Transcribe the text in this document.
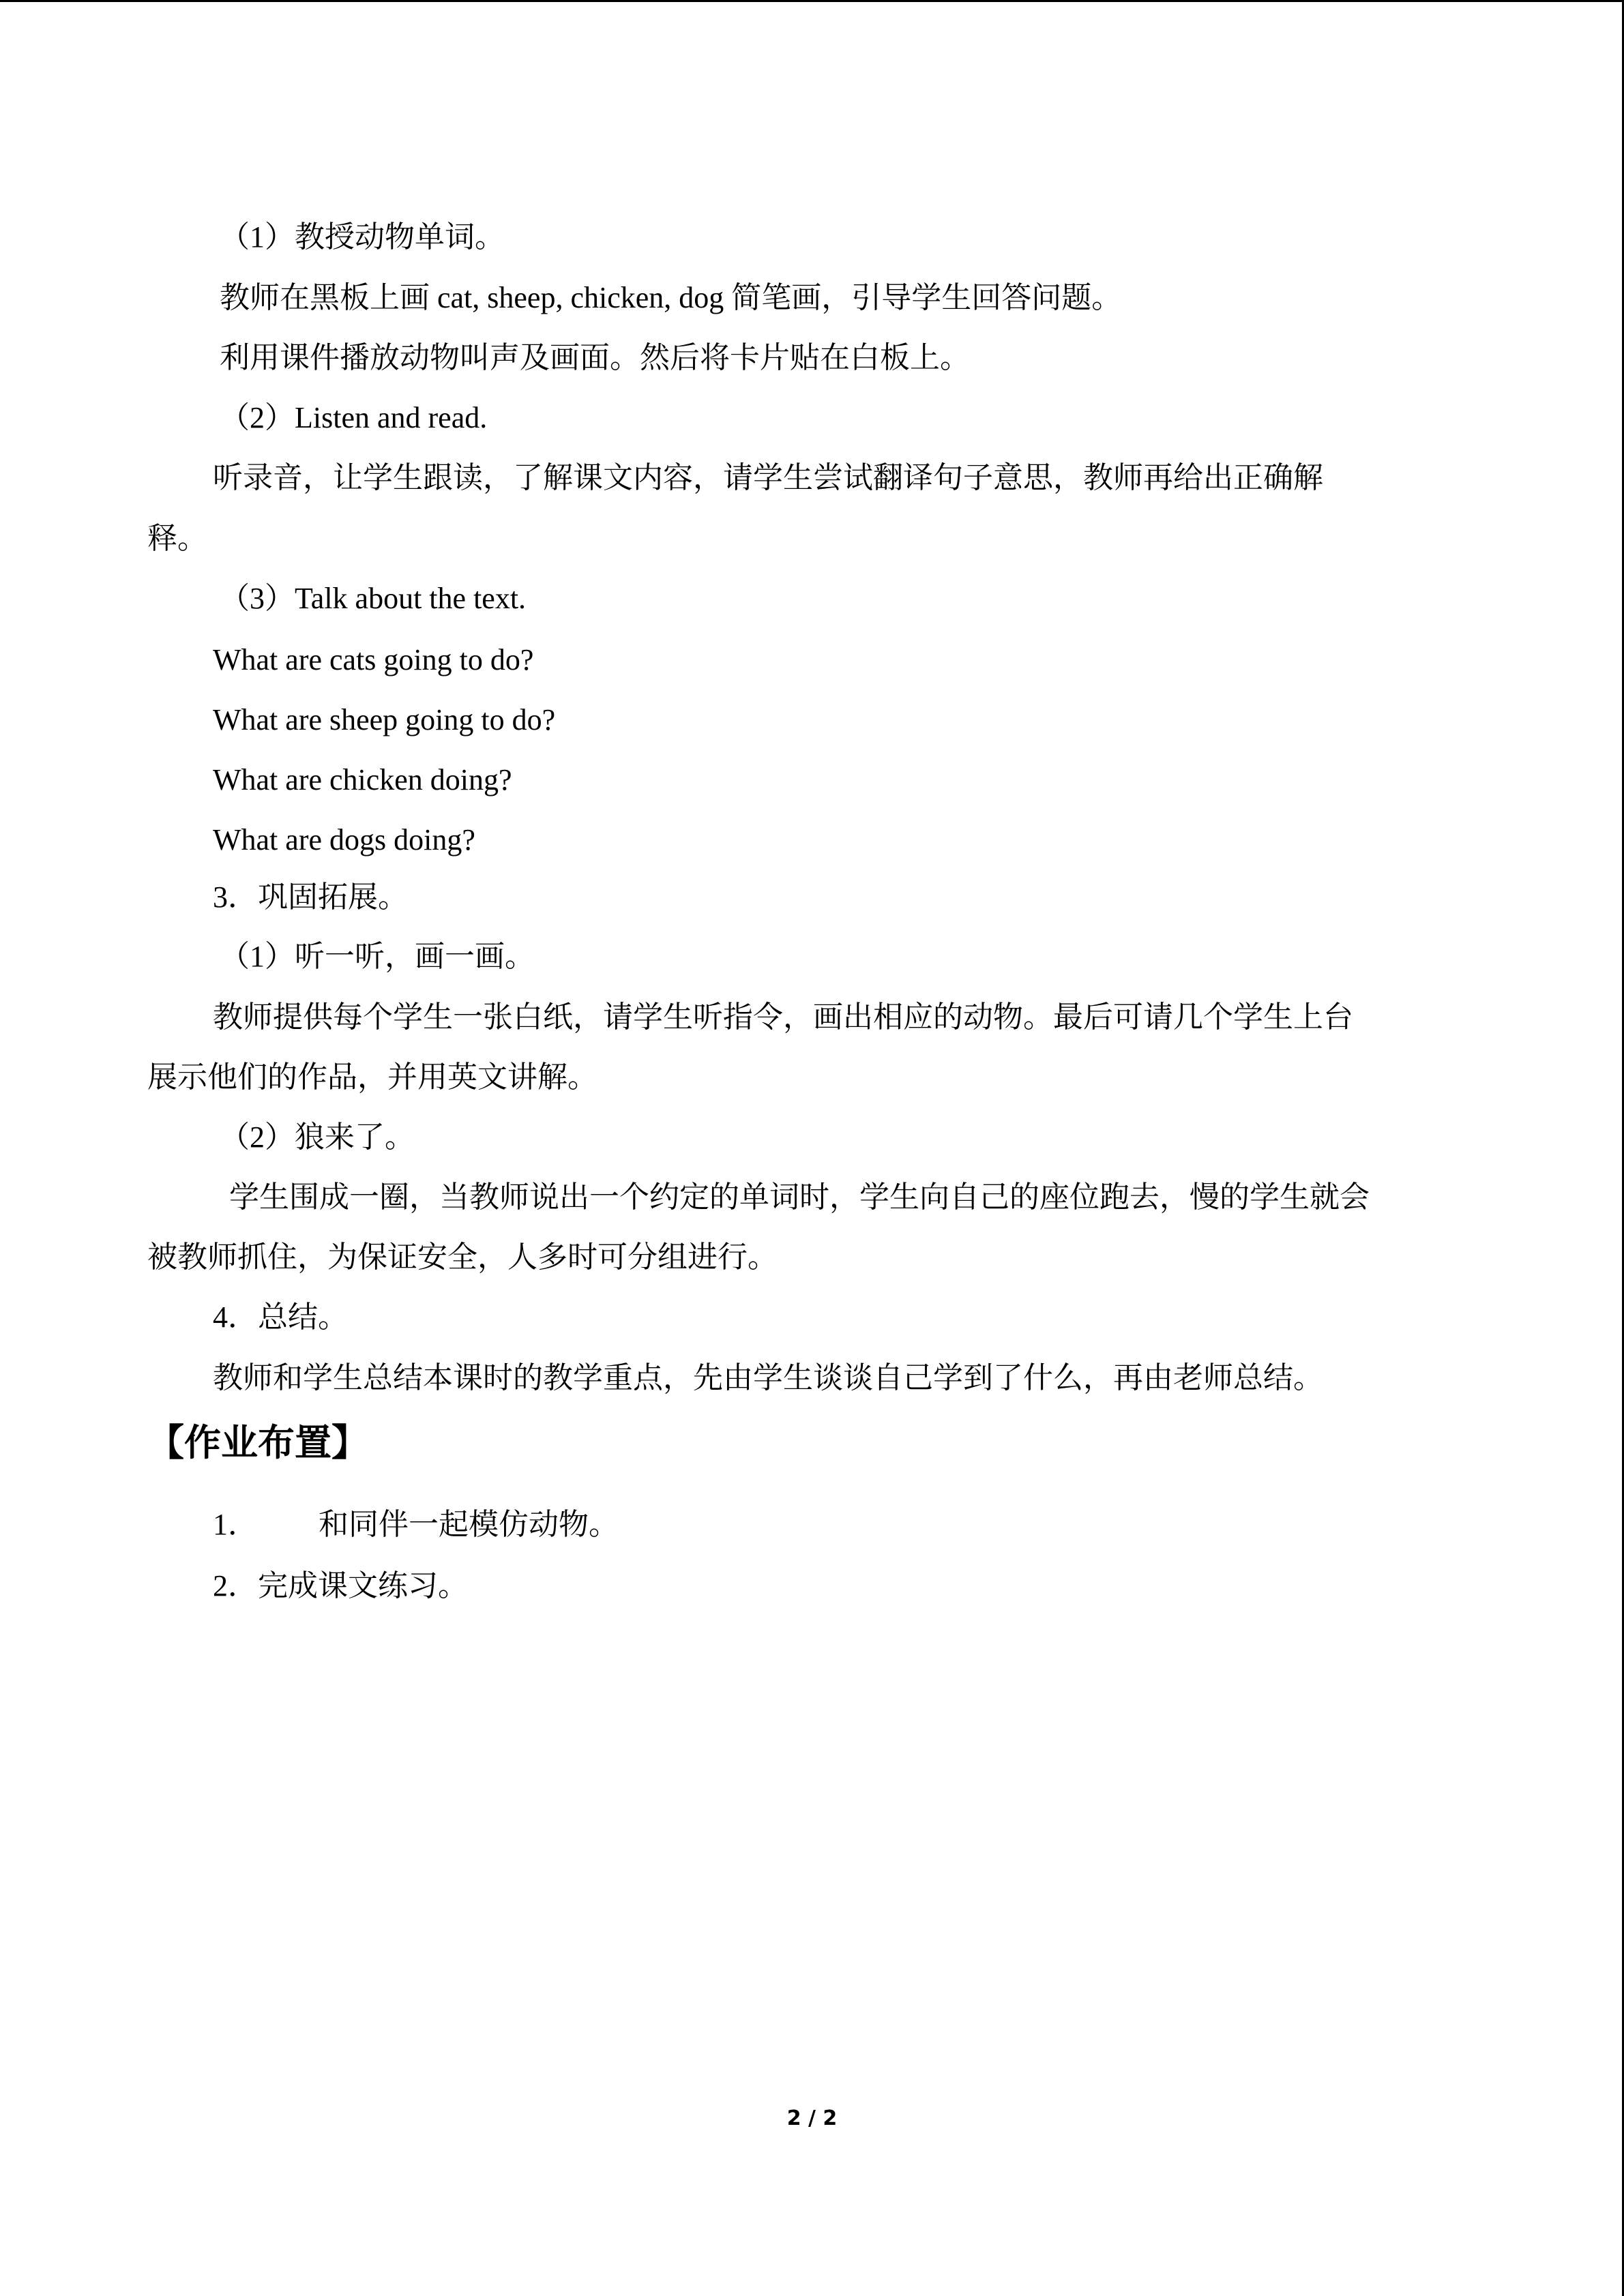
（1）教授动物单词。
教师在黑板上画 cat, sheep, chicken, dog 简笔画，引导学生回答问题。
利用课件播放动物叫声及画面。然后将卡片贴在白板上。
（2）Listen and read.
听录音，让学生跟读，了解课文内容，请学生尝试翻译句子意思，教师再给出正确解
释。
（3）Talk about the text.
What are cats going to do?
What are sheep going to do?
What are chicken doing?
What are dogs doing?
3．巩固拓展。
（1）听一听，画一画。
教师提供每个学生一张白纸，请学生听指令，画出相应的动物。最后可请几个学生上台
展示他们的作品，并用英文讲解。
（2）狼来了。
学生围成一圈，当教师说出一个约定的单词时，学生向自己的座位跑去，慢的学生就会
被教师抓住，为保证安全，人多时可分组进行。
4．总结。
教师和学生总结本课时的教学重点，先由学生谈谈自己学到了什么，再由老师总结。
【作业布置】
1． 和同伴一起模仿动物。
2．完成课文练习。
2 / 2
